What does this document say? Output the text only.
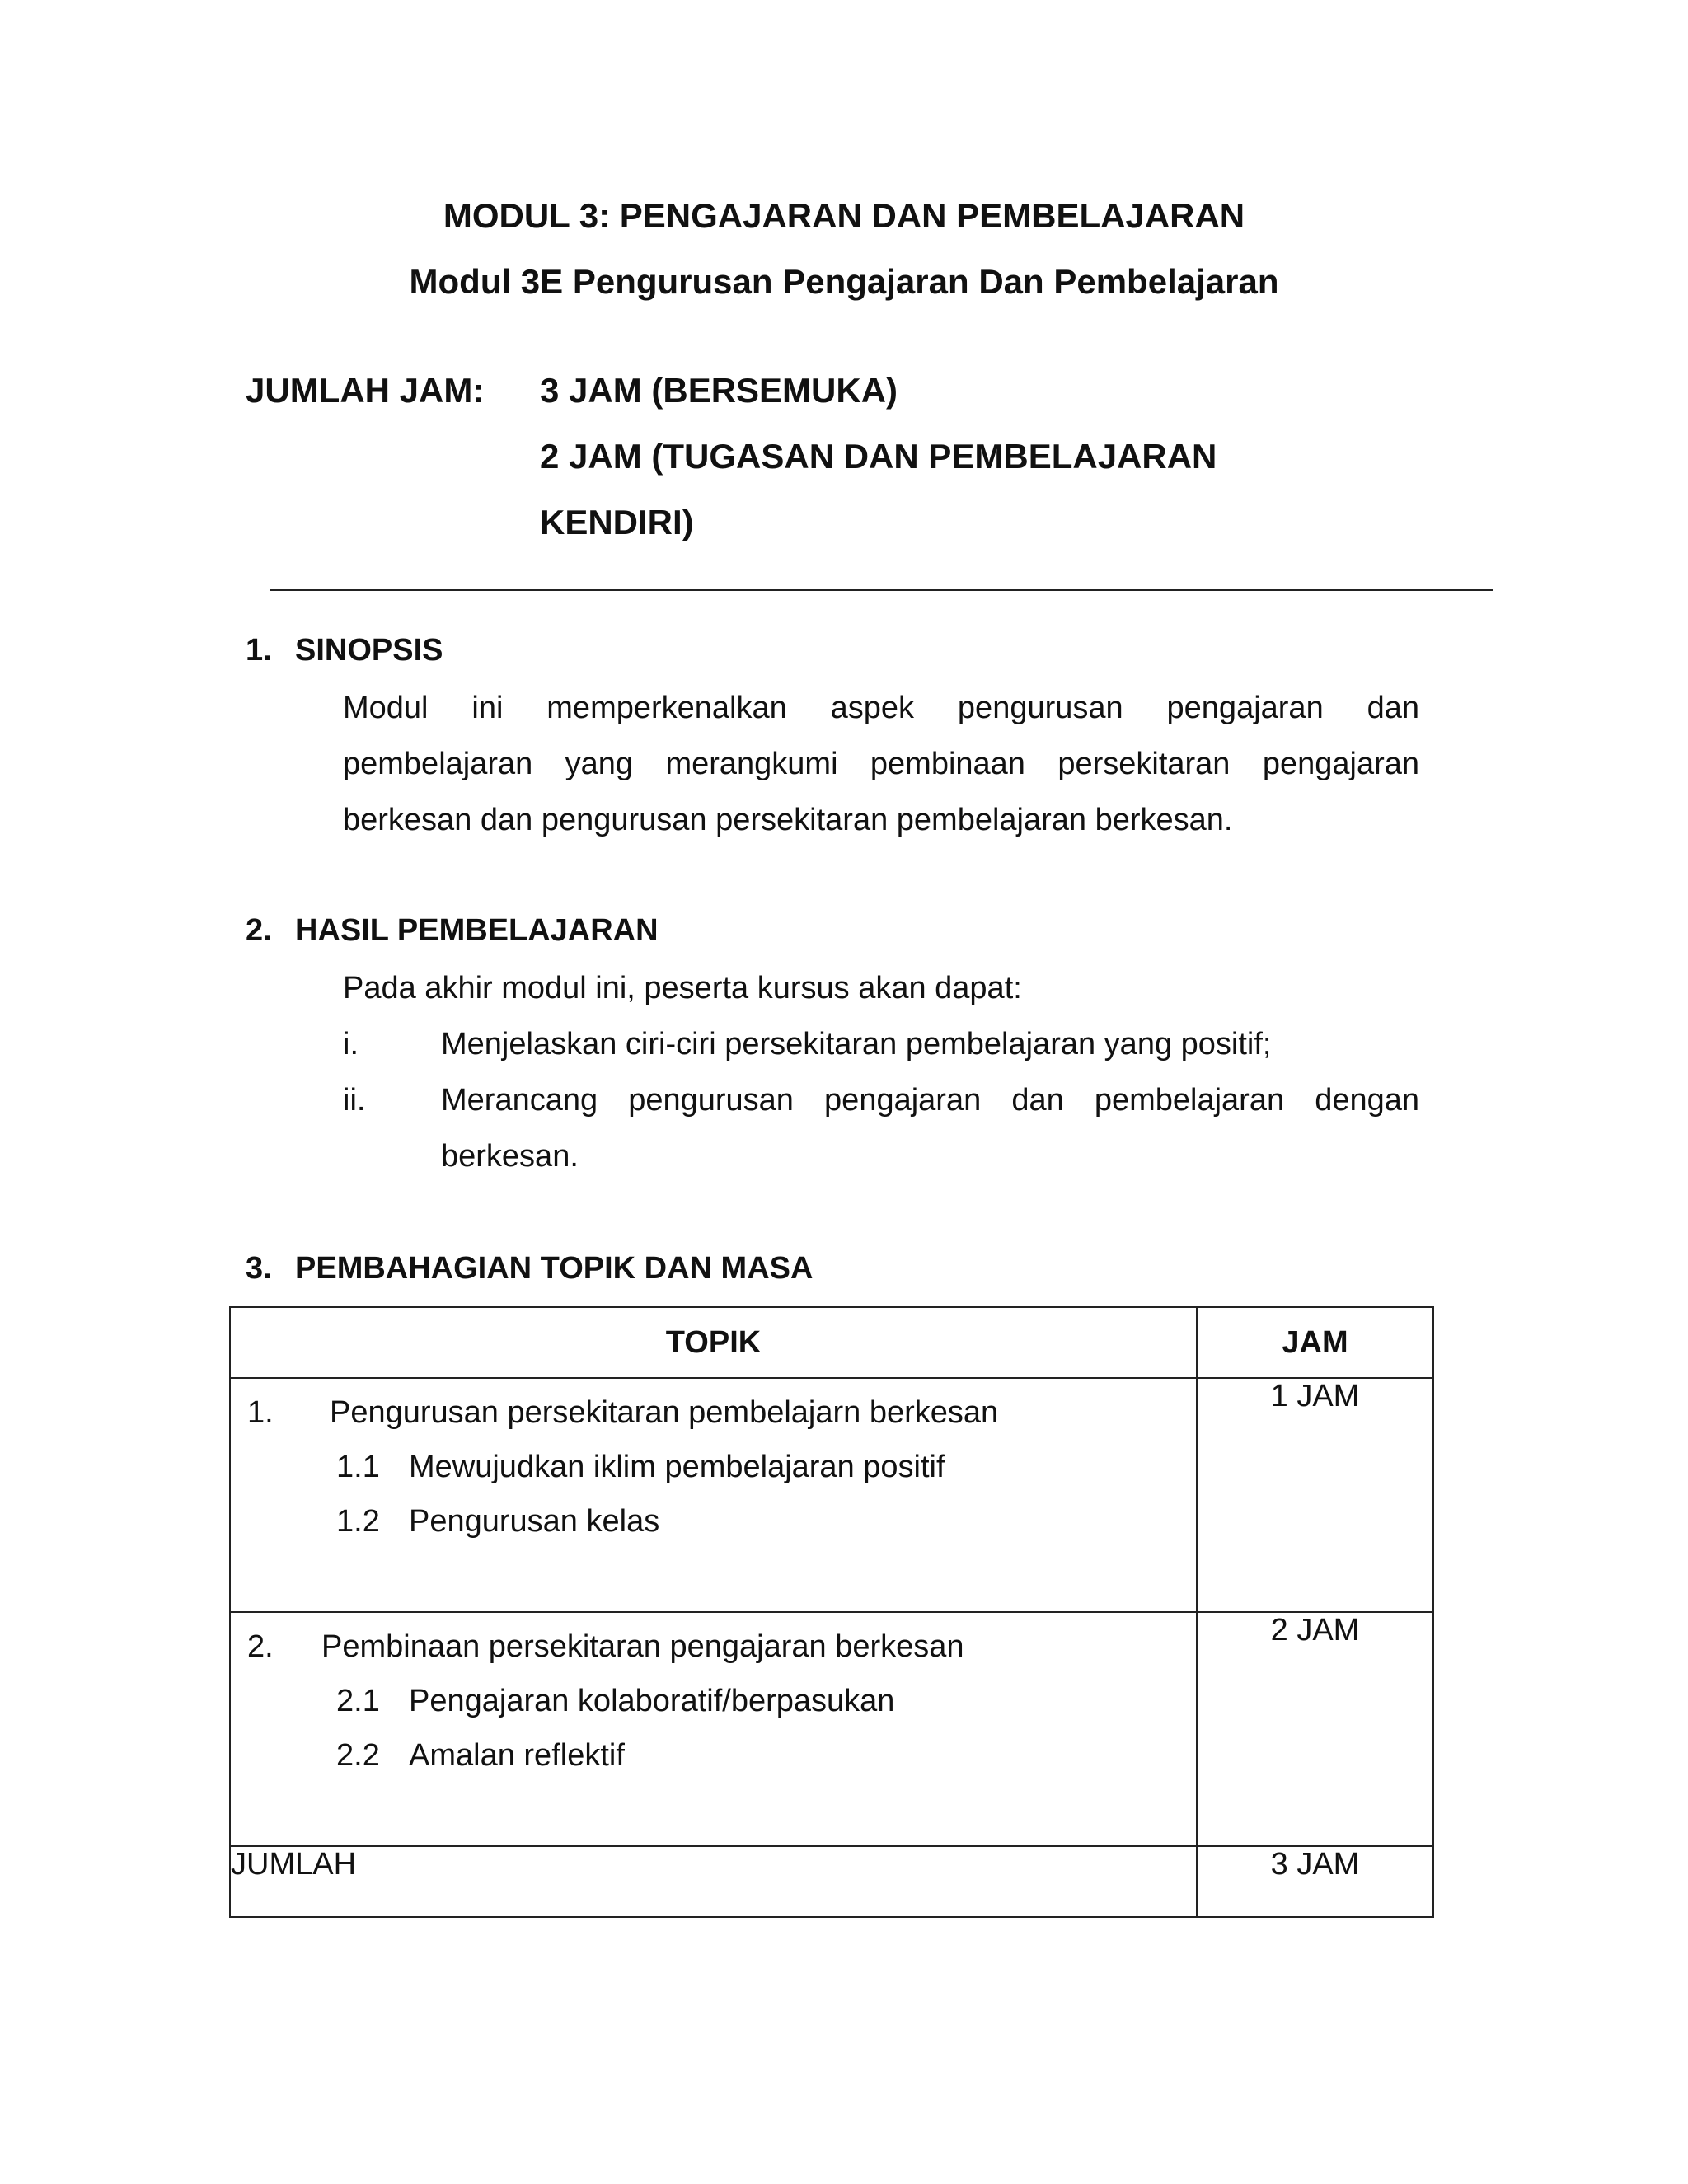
MODUL 3: PENGAJARAN DAN PEMBELAJARAN
Modul 3E Pengurusan Pengajaran Dan Pembelajaran

JUMLAH JAM: 3 JAM (BERSEMUKA)

2 JAM (TUGASAN DAN PEMBELAJARAN

KENDIRI)

1. SINOPSIS

Modul ini memperkenalkan aspek pengurusan pengajaran dan

pembelajaran yang merangkumi pembinaan persekitaran pengajaran

berkesan dan pengurusan persekitaran pembelajaran berkesan.

2. HASIL PEMBELAJARAN

Pada akhir modul ini, peserta kursus akan dapat:

i.	Menjelaskan ciri-ciri persekitaran pembelajaran yang positif;

ii. Merancang pengurusan pengajaran dan pembelajaran dengan

berkesan.

3. PEMBAHAGIAN TOPIK DAN MASA

TOPIK	JAM

1. Pengurusan persekitaran pembelajarn berkesan
1.1 Mewujudkan iklim pembelajaran positif
1.2 Pengurusan kelas	1 JAM

2. Pembinaan persekitaran pengajaran berkesan
2.1 Pengajaran kolaboratif/berpasukan
2.2 Amalan reflektif	2 JAM
JUMLAH	3 JAM
